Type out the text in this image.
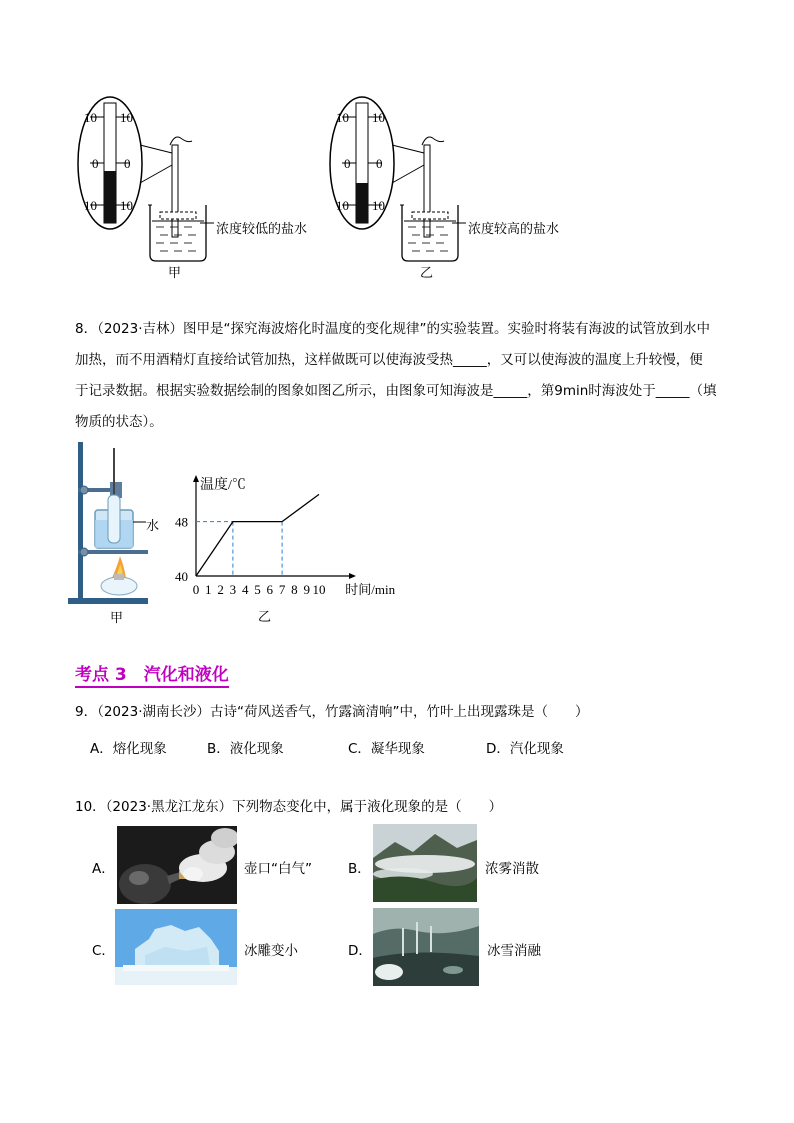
10 10
0 0
10 10
浓度较低的盐水
甲
10 10
0 0
10 10
浓度较高的盐水
乙
8．（2023·吉林）图甲是“探究海波熔化时温度的变化规律”的实验装置。实验时将装有海波的试管放到水中
加热，而不用酒精灯直接给试管加热，这样做既可以使海波受热_____，又可以使海波的温度上升较慢，便
于记录数据。根据实验数据绘制的图象如图乙所示，由图象可知海波是_____，第9min时海波处于_____（填
物质的状态）。
水
甲
0 1 2 3 4 5 6 7 8 9 10
40
48
时间/min
温度/℃
乙
考点 3　汽化和液化
9．（2023·湖南长沙）古诗“荷风送香气，竹露滴清响”中，竹叶上出现露珠是（　　）
A．熔化现象	B．液化现象	C．凝华现象	D．汽化现象
10．（2023·黑龙江龙东）下列物态变化中，属于液化现象的是（　　）
A．	壶口“白气”	B．	浓雾消散
C．	冰雕变小	D．	冰雪消融
